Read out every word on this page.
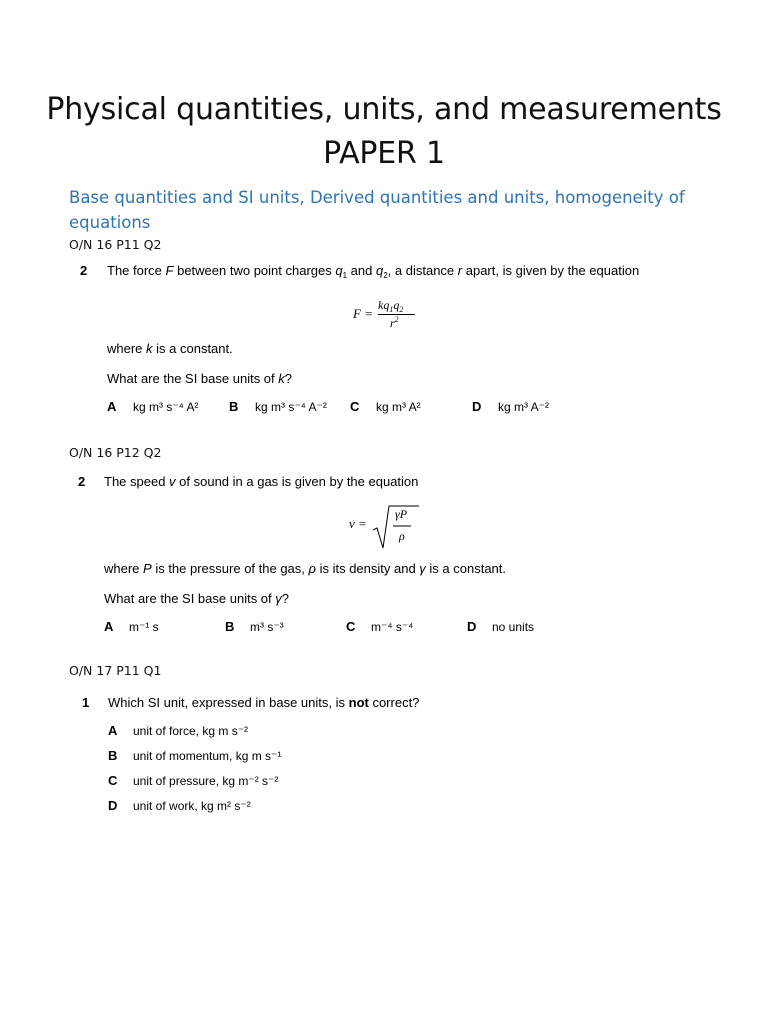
Physical quantities, units, and measurements
PAPER 1
Base quantities and SI units, Derived quantities and units, homogeneity of equations
O/N 16 P11 Q2
2 The force F between two point charges $q_1$ and $q_2$, a distance r apart, is given by the equation
F =
$kq_1q_2$
$r^2$
where k is a constant.
What are the SI base units of k?
A kg m³ s⁻⁴ A² B kg m³ s⁻⁴ A⁻² C kg m³ A²	D kg m³ A⁻²
O/N 16 P12 Q2
2 The speed v of sound in a gas is given by the equation
v =
γP
ρ
where P is the pressure of the gas, ρ is its density and γ is a constant.
What are the SI base units of γ?
A m⁻¹ s	B m³ s⁻³	C m⁻⁴ s⁻⁴	D no units
O/N 17 P11 Q1
1 Which SI unit, expressed in base units, is not correct?
A unit of force, kg m s⁻²
B unit of momentum, kg m s⁻¹
C unit of pressure, kg m⁻² s⁻²
D unit of work, kg m² s⁻²
